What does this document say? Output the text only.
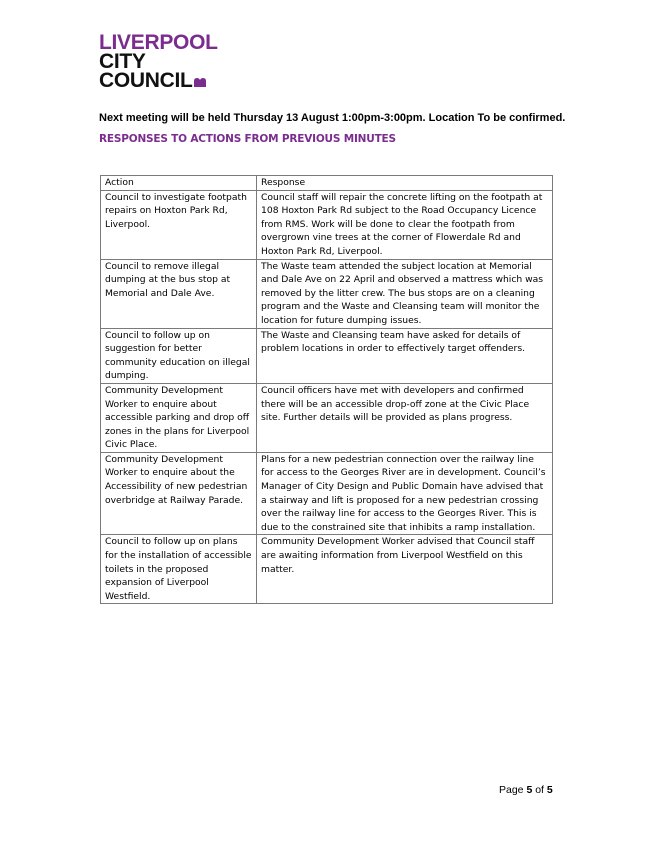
LIVERPOOL
CITY
COUNCIL
Next meeting will be held Thursday 13 August 1:00pm-3:00pm. Location To be confirmed.
RESPONSES TO ACTIONS FROM PREVIOUS MINUTES
Action	Response
Council to investigate footpath repairs on Hoxton Park Rd, Liverpool.	Council staff will repair the concrete lifting on the footpath at 108 Hoxton Park Rd subject to the Road Occupancy Licence from RMS. Work will be done to clear the footpath from overgrown vine trees at the corner of Flowerdale Rd and Hoxton Park Rd, Liverpool.
Council to remove illegal dumping at the bus stop at Memorial and Dale Ave.	The Waste team attended the subject location at Memorial and Dale Ave on 22 April and observed a mattress which was removed by the litter crew. The bus stops are on a cleaning program and the Waste and Cleansing team will monitor the location for future dumping issues.
Council to follow up on suggestion for better community education on illegal dumping.	The Waste and Cleansing team have asked for details of problem locations in order to effectively target offenders.
Community Development Worker to enquire about accessible parking and drop off zones in the plans for Liverpool Civic Place.	Council officers have met with developers and confirmed there will be an accessible drop-off zone at the Civic Place site. Further details will be provided as plans progress.
Community Development Worker to enquire about the Accessibility of new pedestrian overbridge at Railway Parade.	Plans for a new pedestrian connection over the railway line for access to the Georges River are in development. Council’s Manager of City Design and Public Domain have advised that a stairway and lift is proposed for a new pedestrian crossing over the railway line for access to the Georges River. This is due to the constrained site that inhibits a ramp installation.
Council to follow up on plans for the installation of accessible toilets in the proposed expansion of Liverpool Westfield.	Community Development Worker advised that Council staff are awaiting information from Liverpool Westfield on this matter.
Page 5 of 5
